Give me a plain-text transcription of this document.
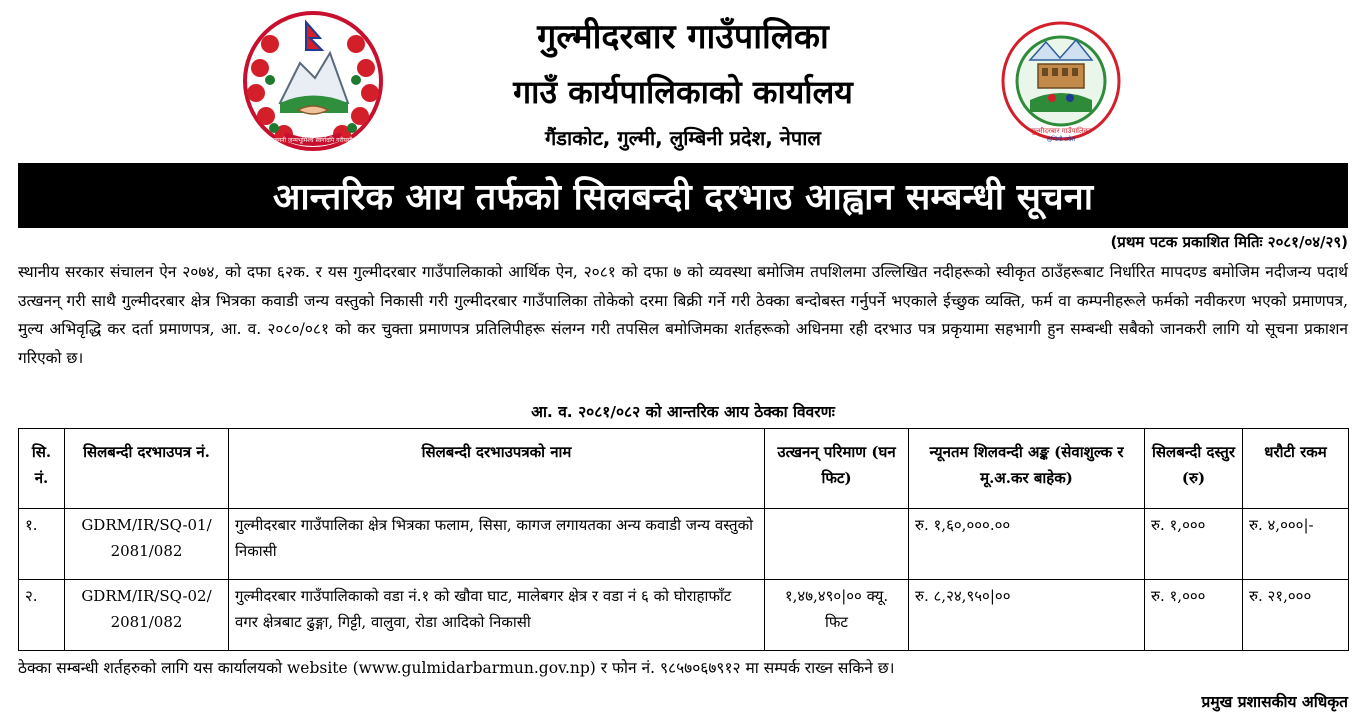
जननी जन्मभूमिश्च स्वर्गादपि गरीयसी
गुल्मीदरबार गाउँपालिका
गाउँ कार्यपालिकाको कार्यालय
गैंडाकोट, गुल्मी, लुम्बिनी प्रदेश, नेपाल	गुल्मीदरबार गाउँपालिका
लुम्बिनी प्रदेश
आन्तरिक आय तर्फको सिलबन्दी दरभाउ आह्वान सम्बन्धी सूचना
(प्रथम पटक प्रकाशित मितिः २०८१/०४/२९)
स्थानीय सरकार संचालन ऐन २०७४, को दफा ६२क. र यस गुल्मीदरबार गाउँपालिकाको आर्थिक ऐन, २०८१ को दफा ७ को व्यवस्था बमोजिम तपशिलमा उल्लिखित नदीहरूको स्वीकृत ठाउँहरूबाट निर्धारित मापदण्ड बमोजिम नदीजन्य पदार्थ उत्खनन् गरी साथै गुल्मीदरबार क्षेत्र भित्रका कवाडी जन्य वस्तुको निकासी गरी गुल्मीदरबार गाउँपालिका तोकेको दरमा बिक्री गर्ने गरी ठेक्का बन्दोबस्त गर्नुपर्ने भएकाले ईच्छुक व्यक्ति, फर्म वा कम्पनीहरूले फर्मको नवीकरण भएको प्रमाणपत्र, मुल्य अभिवृद्धि कर दर्ता प्रमाणपत्र, आ. व. २०८०/०८१ को कर चुक्ता प्रमाणपत्र प्रतिलिपीहरू संलग्न गरी तपसिल बमोजिमका शर्तहरूको अधिनमा रही दरभाउ पत्र प्रकृयामा सहभागी हुन सम्बन्धी सबैको जानकरी लागि यो सूचना प्रकाशन गरिएको छ।
आ. व. २०८१/०८२ को आन्तरिक आय ठेक्का विवरणः
सि. नं.	सिलबन्दी दरभाउपत्र नं.	सिलबन्दी दरभाउपत्रको नाम	उत्खनन् परिमाण (घन फिट)	न्यूनतम शिलवन्दी अङ्क (सेवाशुल्क र मू.अ.कर बाहेक)	सिलबन्दी दस्तुर (रु)	धरौटी रकम
१.	GDRM/IR/SQ-01/ 2081/082	गुल्मीदरबार गाउँपालिका क्षेत्र भित्रका फलाम, सिसा, कागज लगायतका अन्य कवाडी जन्य वस्तुको निकासी		रु. १,६०,०००.००	रु. १,०००	रु. ४,०००|-
२.	GDRM/IR/SQ-02/ 2081/082	गुल्मीदरबार गाउँपालिकाको वडा नं.१ को खौवा घाट, मालेबगर क्षेत्र र वडा नं ६ को घोराहाफाँट वगर क्षेत्रबाट ढुङ्गा, गिट्टी, वालुवा, रोडा आदिको निकासी	१,४७,४९०|०० क्यू. फिट	रु. ८,२४,९५०|००	रु. १,०००	रु. २१,०००
ठेक्का सम्बन्धी शर्तहरुको लागि यस कार्यालयको website (www.gulmidarbarmun.gov.np) र फोन नं. ९८५७०६७९१२ मा सम्पर्क राख्न सकिने छ।
प्रमुख प्रशासकीय अधिकृत
